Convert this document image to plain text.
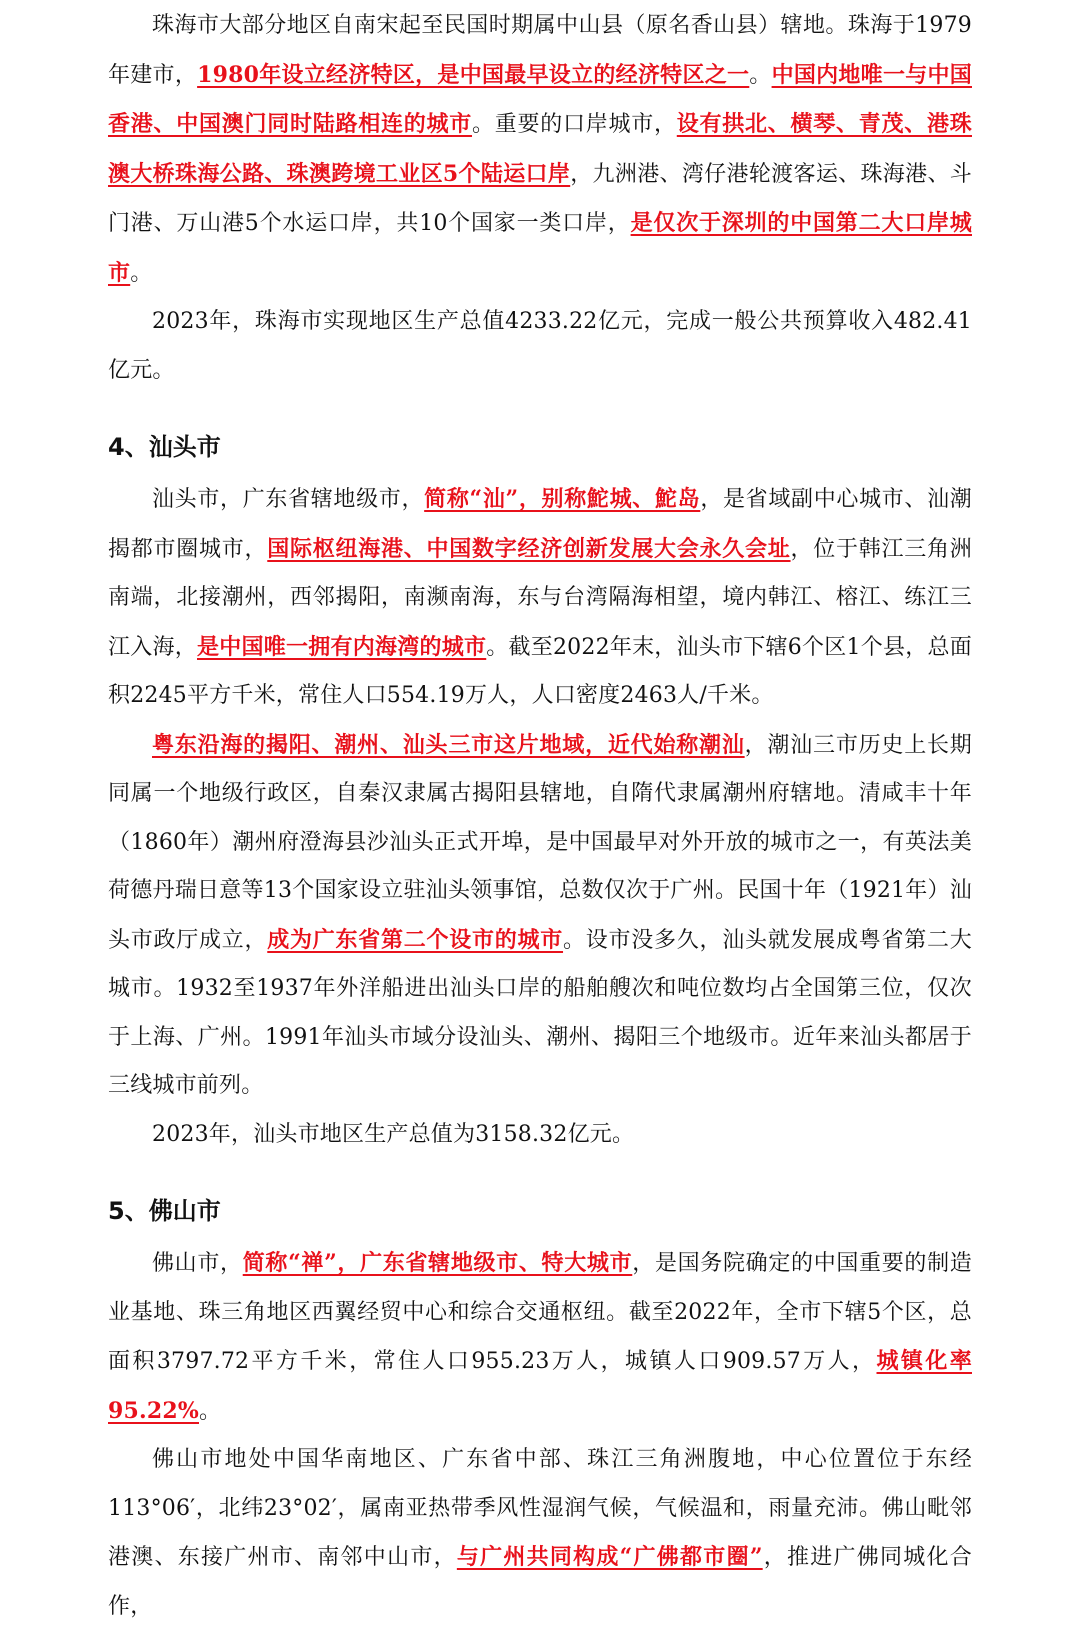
珠海市大部分地区自南宋起至民国时期属中山县（原名香山县）辖地。珠海于1979年建市，1980年设立经济特区，是中国最早设立的经济特区之一。中国内地唯一与中国香港、中国澳门同时陆路相连的城市。重要的口岸城市，设有拱北、横琴、青茂、港珠澳大桥珠海公路、珠澳跨境工业区5个陆运口岸，九洲港、湾仔港轮渡客运、珠海港、斗门港、万山港5个水运口岸，共10个国家一类口岸，是仅次于深圳的中国第二大口岸城市。

2023年，珠海市实现地区生产总值4233.22亿元，完成一般公共预算收入482.41亿元。

4、汕头市

汕头市，广东省辖地级市，简称“汕”，别称鮀城、鮀岛，是省域副中心城市、汕潮揭都市圈城市，国际枢纽海港、中国数字经济创新发展大会永久会址，位于韩江三角洲南端，北接潮州，西邻揭阳，南濒南海，东与台湾隔海相望，境内韩江、榕江、练江三江入海，是中国唯一拥有内海湾的城市。截至2022年末，汕头市下辖6个区1个县，总面积2245平方千米，常住人口554.19万人，人口密度2463人/千米。

粤东沿海的揭阳、潮州、汕头三市这片地域，近代始称潮汕，潮汕三市历史上长期同属一个地级行政区，自秦汉隶属古揭阳县辖地，自隋代隶属潮州府辖地。清咸丰十年（1860年）潮州府澄海县沙汕头正式开埠，是中国最早对外开放的城市之一，有英法美荷德丹瑞日意等13个国家设立驻汕头领事馆，总数仅次于广州。民国十年（1921年）汕头市政厅成立，成为广东省第二个设市的城市。设市没多久，汕头就发展成粤省第二大城市。1932至1937年外洋船进出汕头口岸的船舶艘次和吨位数均占全国第三位，仅次于上海、广州。1991年汕头市域分设汕头、潮州、揭阳三个地级市。近年来汕头都居于三线城市前列。

2023年，汕头市地区生产总值为3158.32亿元。

5、佛山市

佛山市，简称“禅”，广东省辖地级市、特大城市，是国务院确定的中国重要的制造业基地、珠三角地区西翼经贸中心和综合交通枢纽。截至2022年，全市下辖5个区，总面积3797.72平方千米，常住人口955.23万人，城镇人口909.57万人，城镇化率95.22%。

佛山市地处中国华南地区、广东省中部、珠江三角洲腹地，中心位置位于东经113°06′，北纬23°02′，属南亚热带季风性湿润气候，气候温和，雨量充沛。佛山毗邻港澳、东接广州市、南邻中山市，与广州共同构成“广佛都市圈”，推进广佛同城化合作，
